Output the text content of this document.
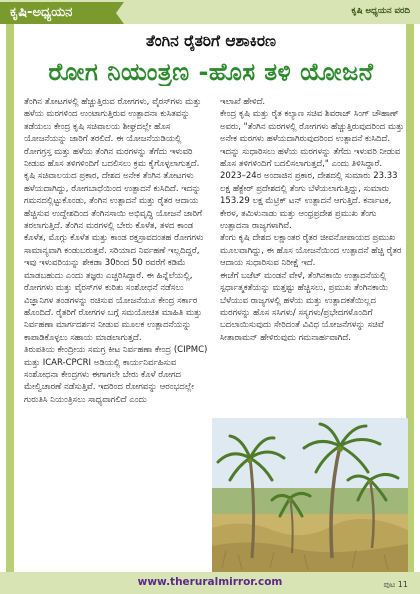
ಕೃಷಿ-ಅಧ್ಯಯನ	ಕೃಷಿ ಅಧ್ಯಯನ ವರದಿ
ತೆಂಗಿನ ರೈತರಿಗೆ ಆಶಾಕಿರಣ
ರೋಗ ನಿಯಂತ್ರಣ -ಹೊಸ ತಳಿ ಯೋಜನೆ

ತೆಂಗಿನ ತೋಟಗಳಲ್ಲಿ ಹೆಚ್ಚುತ್ತಿರುವ ರೋಗಗಳು, ವೈರಸ್‌ಗಳು ಮತ್ತು ಹಳೆಯ ಮರಗಳಿಂದ ಉಂಟಾಗುತ್ತಿರುವ ಉತ್ಪಾದನಾ ಕುಸಿತವನ್ನು ತಡೆಯಲು ಕೇಂದ್ರ ಕೃಷಿ ಸಚಿವಾಲಯ ಶೀಘ್ರದಲ್ಲೇ ಹೊಸ ಯೋಜನೆಯನ್ನು ಜಾರಿಗೆ ತರಲಿದೆ. ಈ ಯೋಜನೆಯಡಿಯಲ್ಲಿ ರೋಗಗ್ರಸ್ತ ಮತ್ತು ಹಳೆಯ ತೆಂಗಿನ ಮರಗಳನ್ನು ತೆಗೆದು ಇಳುವರಿ ನೀಡುವ ಹೊಸ ತಳಿಗಳಿಂದಿಗೆ ಬದಲಿಸಲು ಕ್ರಮ ಕೈಗೊಳ್ಳಲಾಗುತ್ತದೆ.

ಕೃಷಿ ಸಚಿವಾಲಯದ ಪ್ರಕಾರ, ದೇಶದ ಅನೇಕ ತೆಂಗಿನ ತೋಟಗಳು ಹಳೆಯದಾಗಿದ್ದು, ರೋಗಬಾಧೆಯಿಂದ ಉತ್ಪಾದನೆ ಕುಸಿದಿದೆ. ಇದನ್ನು ಗಮನದಲ್ಲಿಟ್ಟುಕೊಂಡು, ತೆಂಗಿನ ಉತ್ಪಾದನೆ ಮತ್ತು ರೈತರ ಆದಾಯ ಹೆಚ್ಚಿಸುವ ಉದ್ದೇಶದಿಂದ ತೆಂಗಿನಸಾಯಿ ಅಭಿವೃದ್ಧಿ ಯೋಜನೆ ಜಾರಿಗೆ ತರಲಾಗುತ್ತಿದೆ. ತೆಂಗಿನ ಮರಗಳಲ್ಲಿ ಬೇರು ಕೊಳೆತ, ತಳದ ಕಾಂಡ ಕೊಳೆತ, ಮೊಗ್ಗು ಕೊಳೆತ ಮತ್ತು ಕಾಂಡ ರಕ್ತಸ್ರಾವದಂತಹ ರೋಗಗಳು ಸಾಮಾನ್ಯವಾಗಿ ಕಂಡುಬರುತ್ತವೆ. ಸರಿಯಾದ ನಿರ್ವಹಣೆ ಇಲ್ಲದಿದ್ದರೆ, ಇವು ಇಳುವರಿಯನ್ನು ಶೇಕಡಾ 30ರಿಂದ 50 ರವರೆಗೆ ಕಡಿಮೆ ಮಾಡಬಹುದು ಎಂದು ತಜ್ಞರು ಎಚ್ಚರಿಸಿದ್ದಾರೆ. ಈ ಹಿನ್ನೆಲೆಯಲ್ಲಿ, ರೋಗಗಳು ಮತ್ತು ವೈರಸ್‌ಗಳ ಕುರಿತು ಸಂಶೋಧನೆ ನಡೆಸಲು ವಿಜ್ಞಾನಿಗಳ ತಂಡಗಳನ್ನು ರಚಿಸುವ ಯೋಜನೆಯೂ ಕೇಂದ್ರ ಸರ್ಕಾರ ಹೊಂದಿದೆ. ರೈತರಿಗೆ ರೋಗಗಳ ಬಗ್ಗೆ ಸಮಯೋಚಿತ ಮಾಹಿತಿ ಮತ್ತು ನಿರ್ವಹಣಾ ಮಾರ್ಗದರ್ಶನ ನೀಡುವ ಮೂಲಕ ಉತ್ಪಾದನೆಯನ್ನು ಕಾಪಾಡಿಕೊಳ್ಳಲು ಸಹಾಯ ಮಾಡಲಾಗುತ್ತದೆ.

ತಿರುಪತಿಯ ಕೇಂದ್ರೀಯ ಸಮಗ್ರ ಕೀಟ ನಿರ್ವಹಣಾ ಕೇಂದ್ರ (CIPMC) ಮತ್ತು ICAR-CPCRI ಅಡಿಯಲ್ಲಿ ಕಾರ್ಯನಿರ್ವಹಿಸುವ ಸಂಶೋಧನಾ ಕೇಂದ್ರಗಳು ಈಗಾಗಲೇ ಬೇರು ಕೊಳೆ ರೋಗದ ಮೇಲ್ವಿಚಾರಣೆ ನಡೆಸುತ್ತಿವೆ. ಇದರಿಂದ ರೋಗವನ್ನು ಆರಂಭದಲ್ಲೇ ಗುರುತಿಸಿ ನಿಯಂತ್ರಿಸಲು ಸಾಧ್ಯವಾಗಲಿದೆ ಎಂದು

ಇಲಾಖೆ ಹೇಳಿದೆ.

ಕೇಂದ್ರ ಕೃಷಿ ಮತ್ತು ರೈತ ಕಲ್ಯಾಣ ಸಚಿವ ಶಿವರಾಜ್ ಸಿಂಗ್ ಚೌಹಾಣ್ ಅವರು, "ತೆಂಗಿನ ಮರಗಳಲ್ಲಿ ರೋಗಗಳು ಹೆಚ್ಚುತ್ತಿರುವುದರಿಂದ ಮತ್ತು ಅನೇಕ ಮರಗಳು ಹಳೆಯದಾಗಿರುವುದರಿಂದ ಉತ್ಪಾದನೆ ಕುಸಿದಿದೆ. ಇದನ್ನು ಸುಧಾರಿಸಲು ಹಳೆಯ ಮರಗಳನ್ನು ತೆಗೆದು ಇಳುವರಿ ನೀಡುವ ಹೊಸ ತಳಿಗಳಿಂದಿಗೆ ಬದಲಿಸಲಾಗುತ್ತದೆ," ಎಂದು ತಿಳಿಸಿದ್ದಾರೆ.

2023–24ರ ಅಂದಾಜಿನ ಪ್ರಕಾರ, ದೇಶದಲ್ಲಿ ಸುಮಾರು 23.33 ಲಕ್ಷ ಹೆಕ್ಟೇರ್ ಪ್ರದೇಶದಲ್ಲಿ ತೆಂಗು ಬೆಳೆಯಲಾಗುತ್ತಿದ್ದು, ಸುಮಾರು 153.29 ಲಕ್ಷ ಮೆಟ್ರಿಕ್ ಟನ್ ಉತ್ಪಾದನೆ ಆಗುತ್ತಿದೆ. ಕರ್ನಾಟಕ, ಕೇರಳ, ತಮಿಳುನಾಡು ಮತ್ತು ಆಂಧ್ರಪ್ರದೇಶ ಪ್ರಮುಖ ತೆಂಗು ಉತ್ಪಾದನಾ ರಾಜ್ಯಗಳಾಗಿವೆ.

ತೆಂಗು ಕೃಷಿ ದೇಶದ ಲಕ್ಷಾಂತರ ರೈತರ ಜೀವನೋಪಾಯದ ಪ್ರಮುಖ ಮೂಲವಾಗಿದ್ದು, ಈ ಹೊಸ ಯೋಜನೆಯಿಂದ ಉತ್ಪಾದನೆ ಹೆಚ್ಚಿ ರೈತರ ಆದಾಯ ಸುಧಾರಿಸುವ ನಿರೀಕ್ಷೆ ಇದೆ.

ಈಚೆಗೆ ಬಜೆಟ್ ಮಂಡನೆ ವೇಳೆ, ತೆಂಗಿನಕಾಯಿ ಉತ್ಪಾದನೆಯಲ್ಲಿ ಸ್ಪರ್ಧಾತ್ಮಕತೆಯನ್ನು ಮತ್ತಷ್ಟು ಹೆಚ್ಚಿಸಲು, ಪ್ರಮುಖ ತೆಂಗಿನಕಾಯಿ ಬೆಳೆಯುವ ರಾಜ್ಯಗಳಲ್ಲಿ ಹಳೆಯ ಮತ್ತು ಉತ್ಪಾದಕತೆಯಿಲ್ಲದ ಮರಗಳನ್ನು ಹೊಸ ಸಸಿಗಳು/ ಸಸ್ಯಗಳು/ಪ್ರಭೇದಗಳೊಂದಿಗೆ ಬದಲಾಯಿಸುವುದು ಸೇರಿದಂತೆ ವಿವಿಧ ಯೋಜನೆಗಳನ್ನು ಸಚಿವೆ ಸೀತಾರಾಮನ್ ಹೇಳಿರುವುದು ಗಮನಾರ್ಹವಾಗಿದೆ.

www.theruralmirror.com	ಪುಟ 11
